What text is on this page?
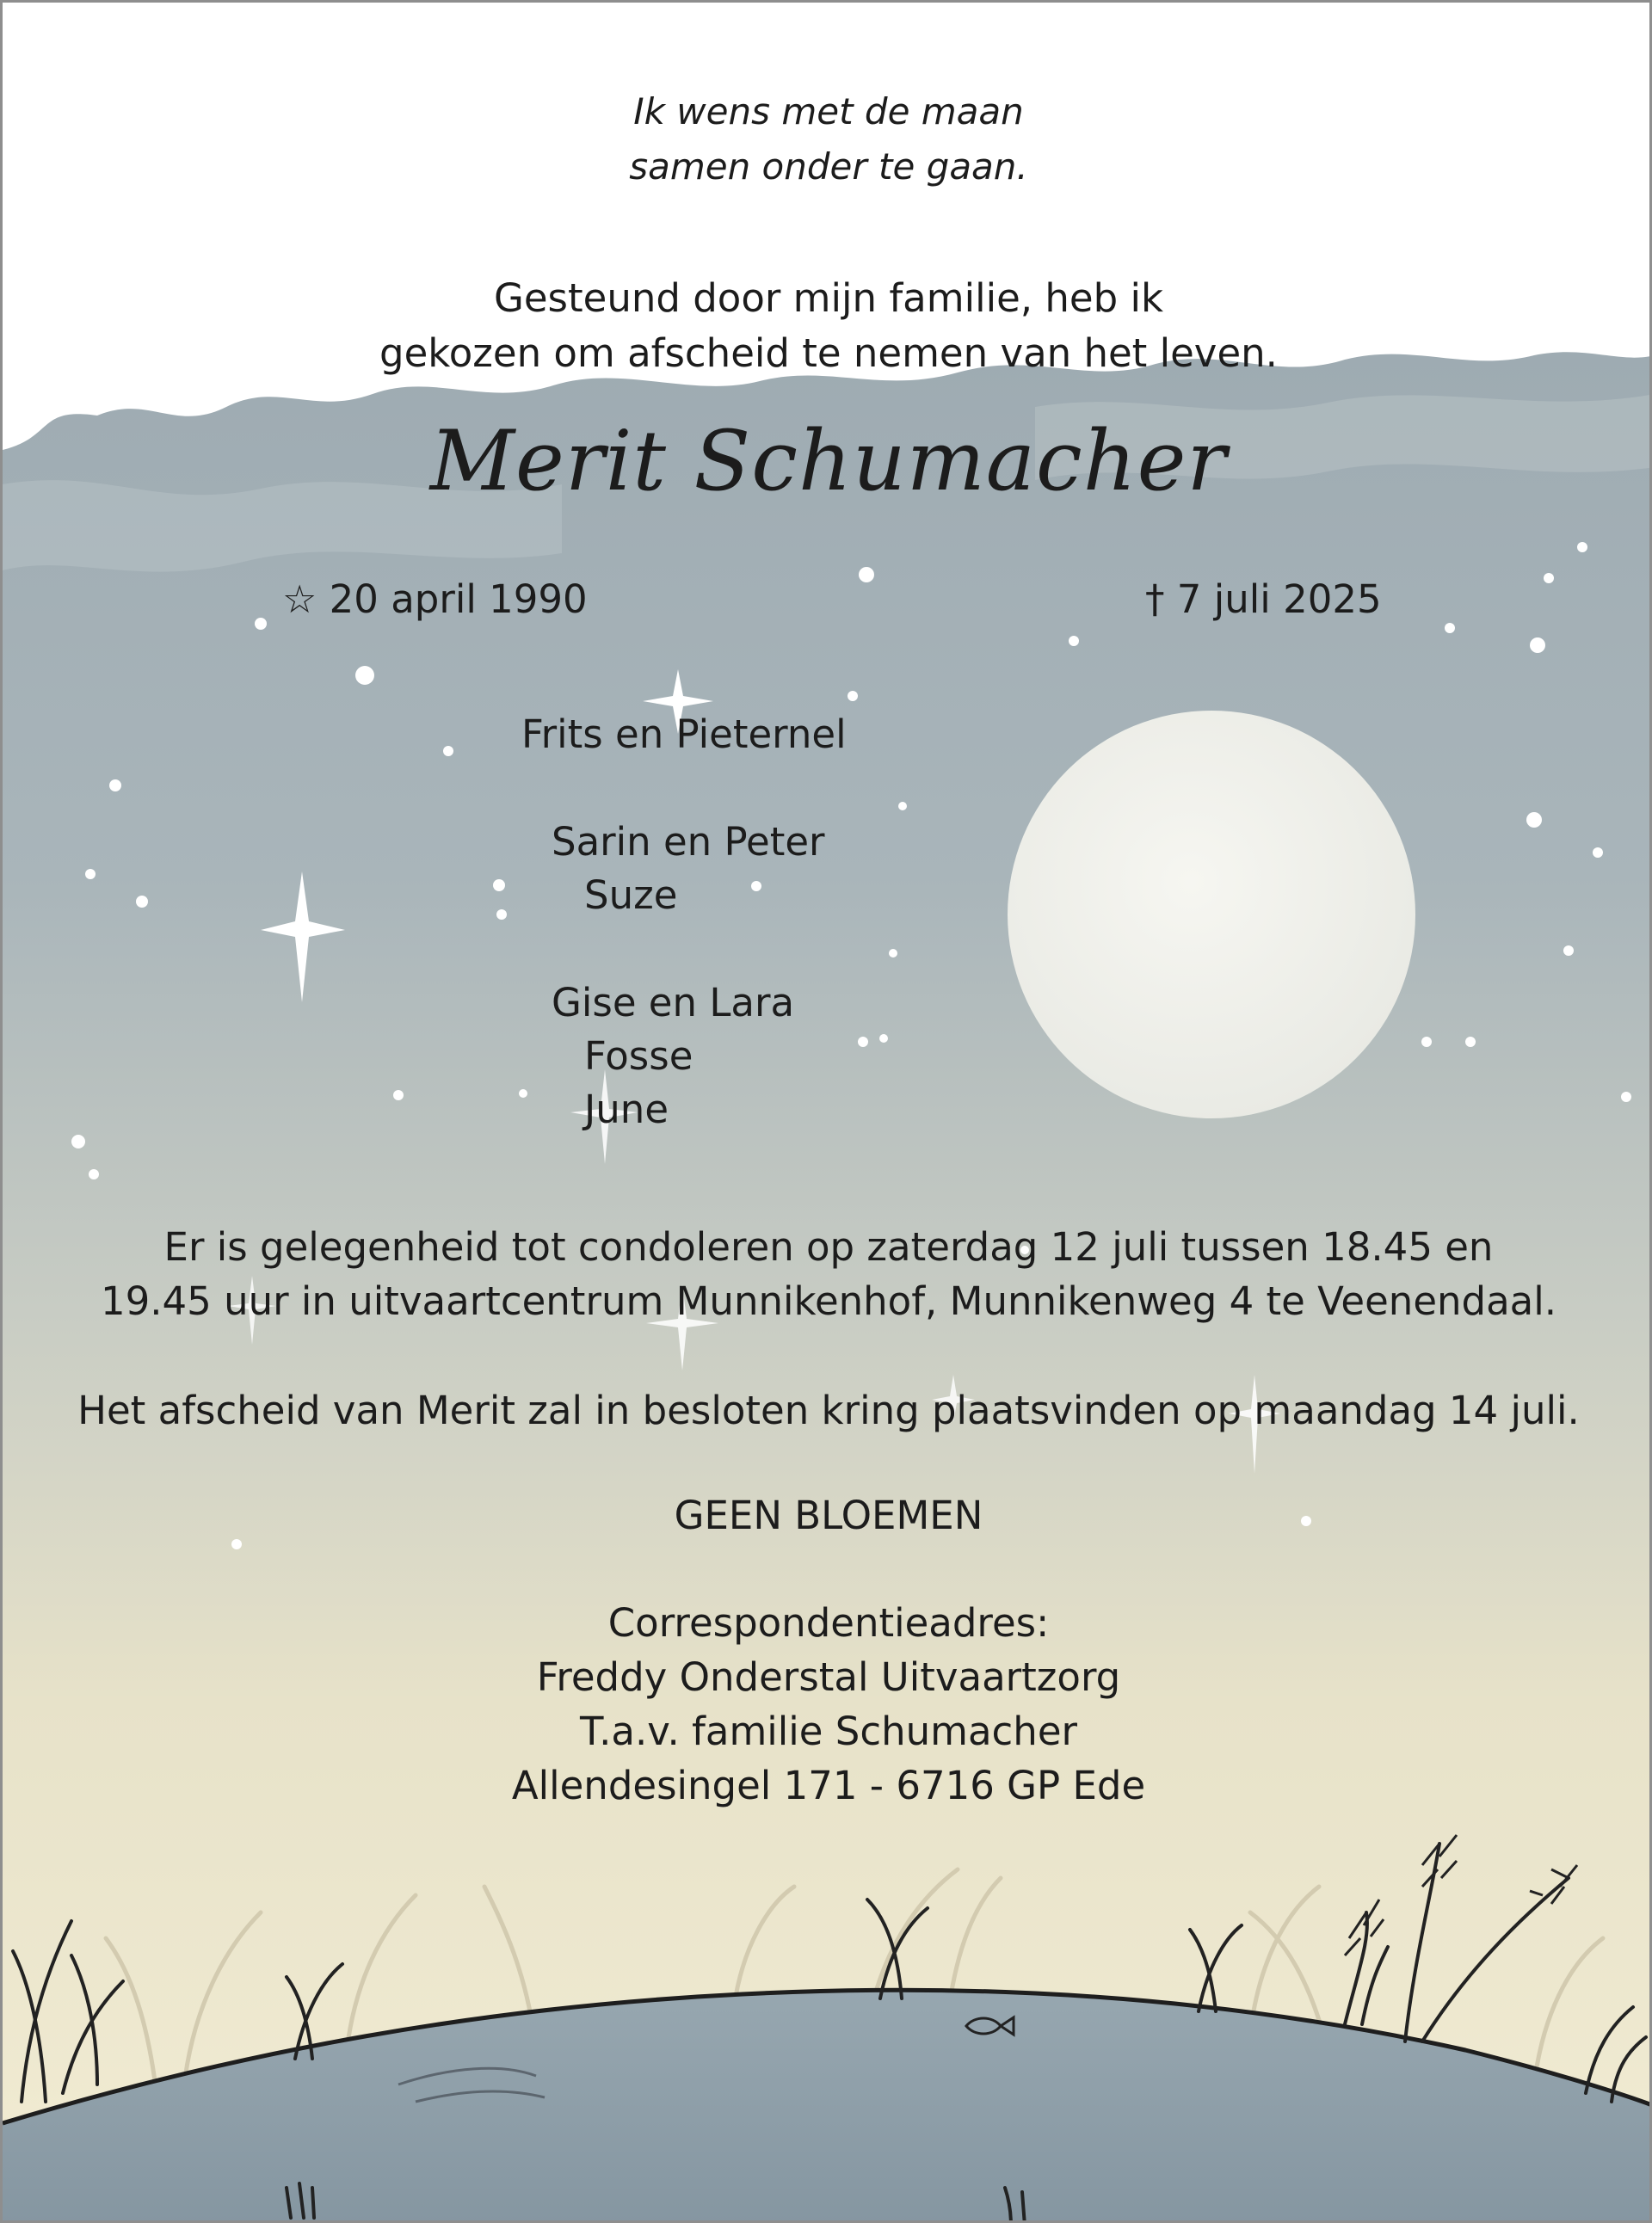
Ik wens met de maan
samen onder te gaan.
Gesteund door mijn familie, heb ik
gekozen om afscheid te nemen van het leven.
Merit Schumacher
☆ 20 april 1990	† 7 juli 2025
Frits en Pieternel
Sarin en Peter
Suze
Gise en Lara
Fosse
June
Er is gelegenheid tot condoleren op zaterdag 12 juli tussen 18.45 en
19.45 uur in uitvaartcentrum Munnikenhof, Munnikenweg 4 te Veenendaal.
Het afscheid van Merit zal in besloten kring plaatsvinden op maandag 14 juli.
GEEN BLOEMEN
Correspondentieadres:
Freddy Onderstal Uitvaartzorg
T.a.v. familie Schumacher
Allendesingel 171 - 6716 GP Ede
